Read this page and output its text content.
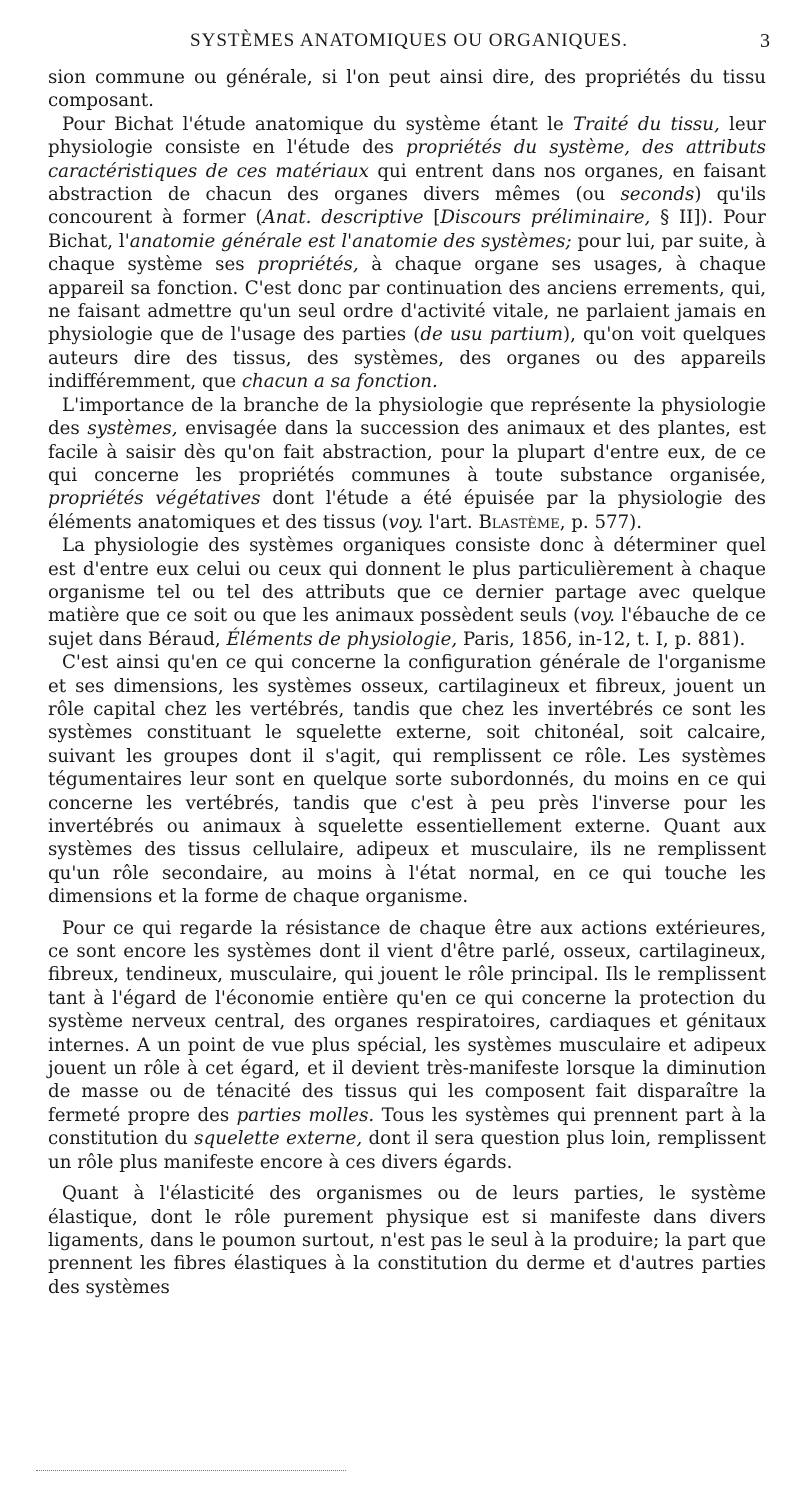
SYSTÈMES ANATOMIQUES OU ORGANIQUES.	3

sion commune ou générale, si l'on peut ainsi dire, des propriétés du tissu composant.

Pour Bichat l'étude anatomique du système étant le Traité du tissu, leur physiologie consiste en l'étude des propriétés du système, des attributs caractéristiques de ces matériaux qui entrent dans nos organes, en faisant abstraction de chacun des organes divers mêmes (ou seconds) qu'ils concourent à former (Anat. descriptive [Discours préliminaire, § II]). Pour Bichat, l'anatomie générale est l'anatomie des systèmes; pour lui, par suite, à chaque système ses propriétés, à chaque organe ses usages, à chaque appareil sa fonction. C'est donc par continuation des anciens errements, qui, ne faisant admettre qu'un seul ordre d'activité vitale, ne parlaient jamais en physiologie que de l'usage des parties (de usu partium), qu'on voit quelques auteurs dire des tissus, des systèmes, des organes ou des appareils indifféremment, que chacun a sa fonction.

L'importance de la branche de la physiologie que représente la physiologie des systèmes, envisagée dans la succession des animaux et des plantes, est facile à saisir dès qu'on fait abstraction, pour la plupart d'entre eux, de ce qui concerne les propriétés communes à toute substance organisée, propriétés végétatives dont l'étude a été épuisée par la physiologie des éléments anatomiques et des tissus (voy. l'art. Blastème, p. 577).

La physiologie des systèmes organiques consiste donc à déterminer quel est d'entre eux celui ou ceux qui donnent le plus particulièrement à chaque organisme tel ou tel des attributs que ce dernier partage avec quelque matière que ce soit ou que les animaux possèdent seuls (voy. l'ébauche de ce sujet dans Béraud, Éléments de physiologie, Paris, 1856, in-12, t. I, p. 881).

C'est ainsi qu'en ce qui concerne la configuration générale de l'organisme et ses dimensions, les systèmes osseux, cartilagineux et fibreux, jouent un rôle capital chez les vertébrés, tandis que chez les invertébrés ce sont les systèmes constituant le squelette externe, soit chitonéal, soit calcaire, suivant les groupes dont il s'agit, qui remplissent ce rôle. Les systèmes tégumentaires leur sont en quelque sorte subordonnés, du moins en ce qui concerne les vertébrés, tandis que c'est à peu près l'inverse pour les invertébrés ou animaux à squelette essentiellement externe. Quant aux systèmes des tissus cellulaire, adipeux et musculaire, ils ne remplissent qu'un rôle secondaire, au moins à l'état normal, en ce qui touche les dimensions et la forme de chaque organisme.

Pour ce qui regarde la résistance de chaque être aux actions extérieures, ce sont encore les systèmes dont il vient d'être parlé, osseux, cartilagineux, fibreux, tendineux, musculaire, qui jouent le rôle principal. Ils le remplissent tant à l'égard de l'économie entière qu'en ce qui concerne la protection du système nerveux central, des organes respiratoires, cardiaques et génitaux internes. A un point de vue plus spécial, les systèmes musculaire et adipeux jouent un rôle à cet égard, et il devient très-manifeste lorsque la diminution de masse ou de ténacité des tissus qui les composent fait disparaître la fermeté propre des parties molles. Tous les systèmes qui prennent part à la constitution du squelette externe, dont il sera question plus loin, remplissent un rôle plus manifeste encore à ces divers égards.

Quant à l'élasticité des organismes ou de leurs parties, le système élastique, dont le rôle purement physique est si manifeste dans divers ligaments, dans le poumon surtout, n'est pas le seul à la produire; la part que prennent les fibres élastiques à la constitution du derme et d'autres parties des systèmes
